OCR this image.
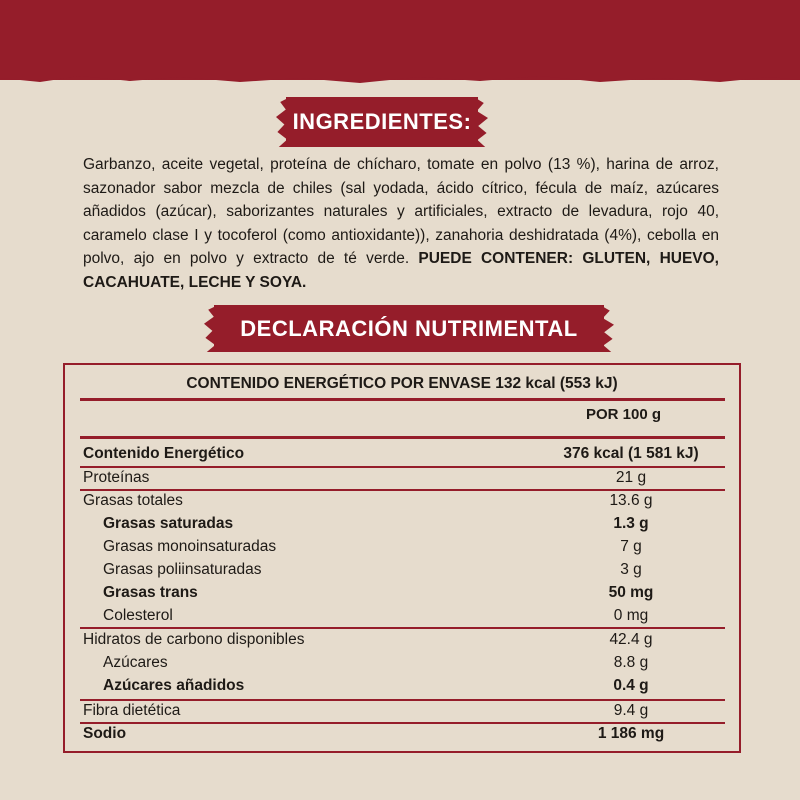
INGREDIENTES:

Garbanzo, aceite vegetal, proteína de chícharo, tomate en polvo (13 %), harina de arroz, sazonador sabor mezcla de chiles (sal yodada, ácido cítrico, fécula de maíz, azúcares añadidos (azúcar), saborizantes naturales y artificiales, extracto de levadura, rojo 40, caramelo clase I y tocoferol (como antioxidante)), zanahoria deshidratada (4%), cebolla en polvo, ajo en polvo y extracto de té verde. PUEDE CONTENER: GLUTEN, HUEVO, CACAHUATE, LECHE Y SOYA.

DECLARACIÓN NUTRIMENTAL
CONTENIDO ENERGÉTICO POR ENVASE 132 kcal (553 kJ)
POR 100 g
Contenido Energético	376 kcal (1 581 kJ)
Proteínas	21 g
Grasas totales	13.6 g
Grasas saturadas	1.3 g
Grasas monoinsaturadas	7 g
Grasas poliinsaturadas	3 g
Grasas trans	50 mg
Colesterol	0 mg
Hidratos de carbono disponibles	42.4 g
Azúcares	8.8 g
Azúcares añadidos	0.4 g
Fibra dietética	9.4 g
Sodio	1 186 mg
